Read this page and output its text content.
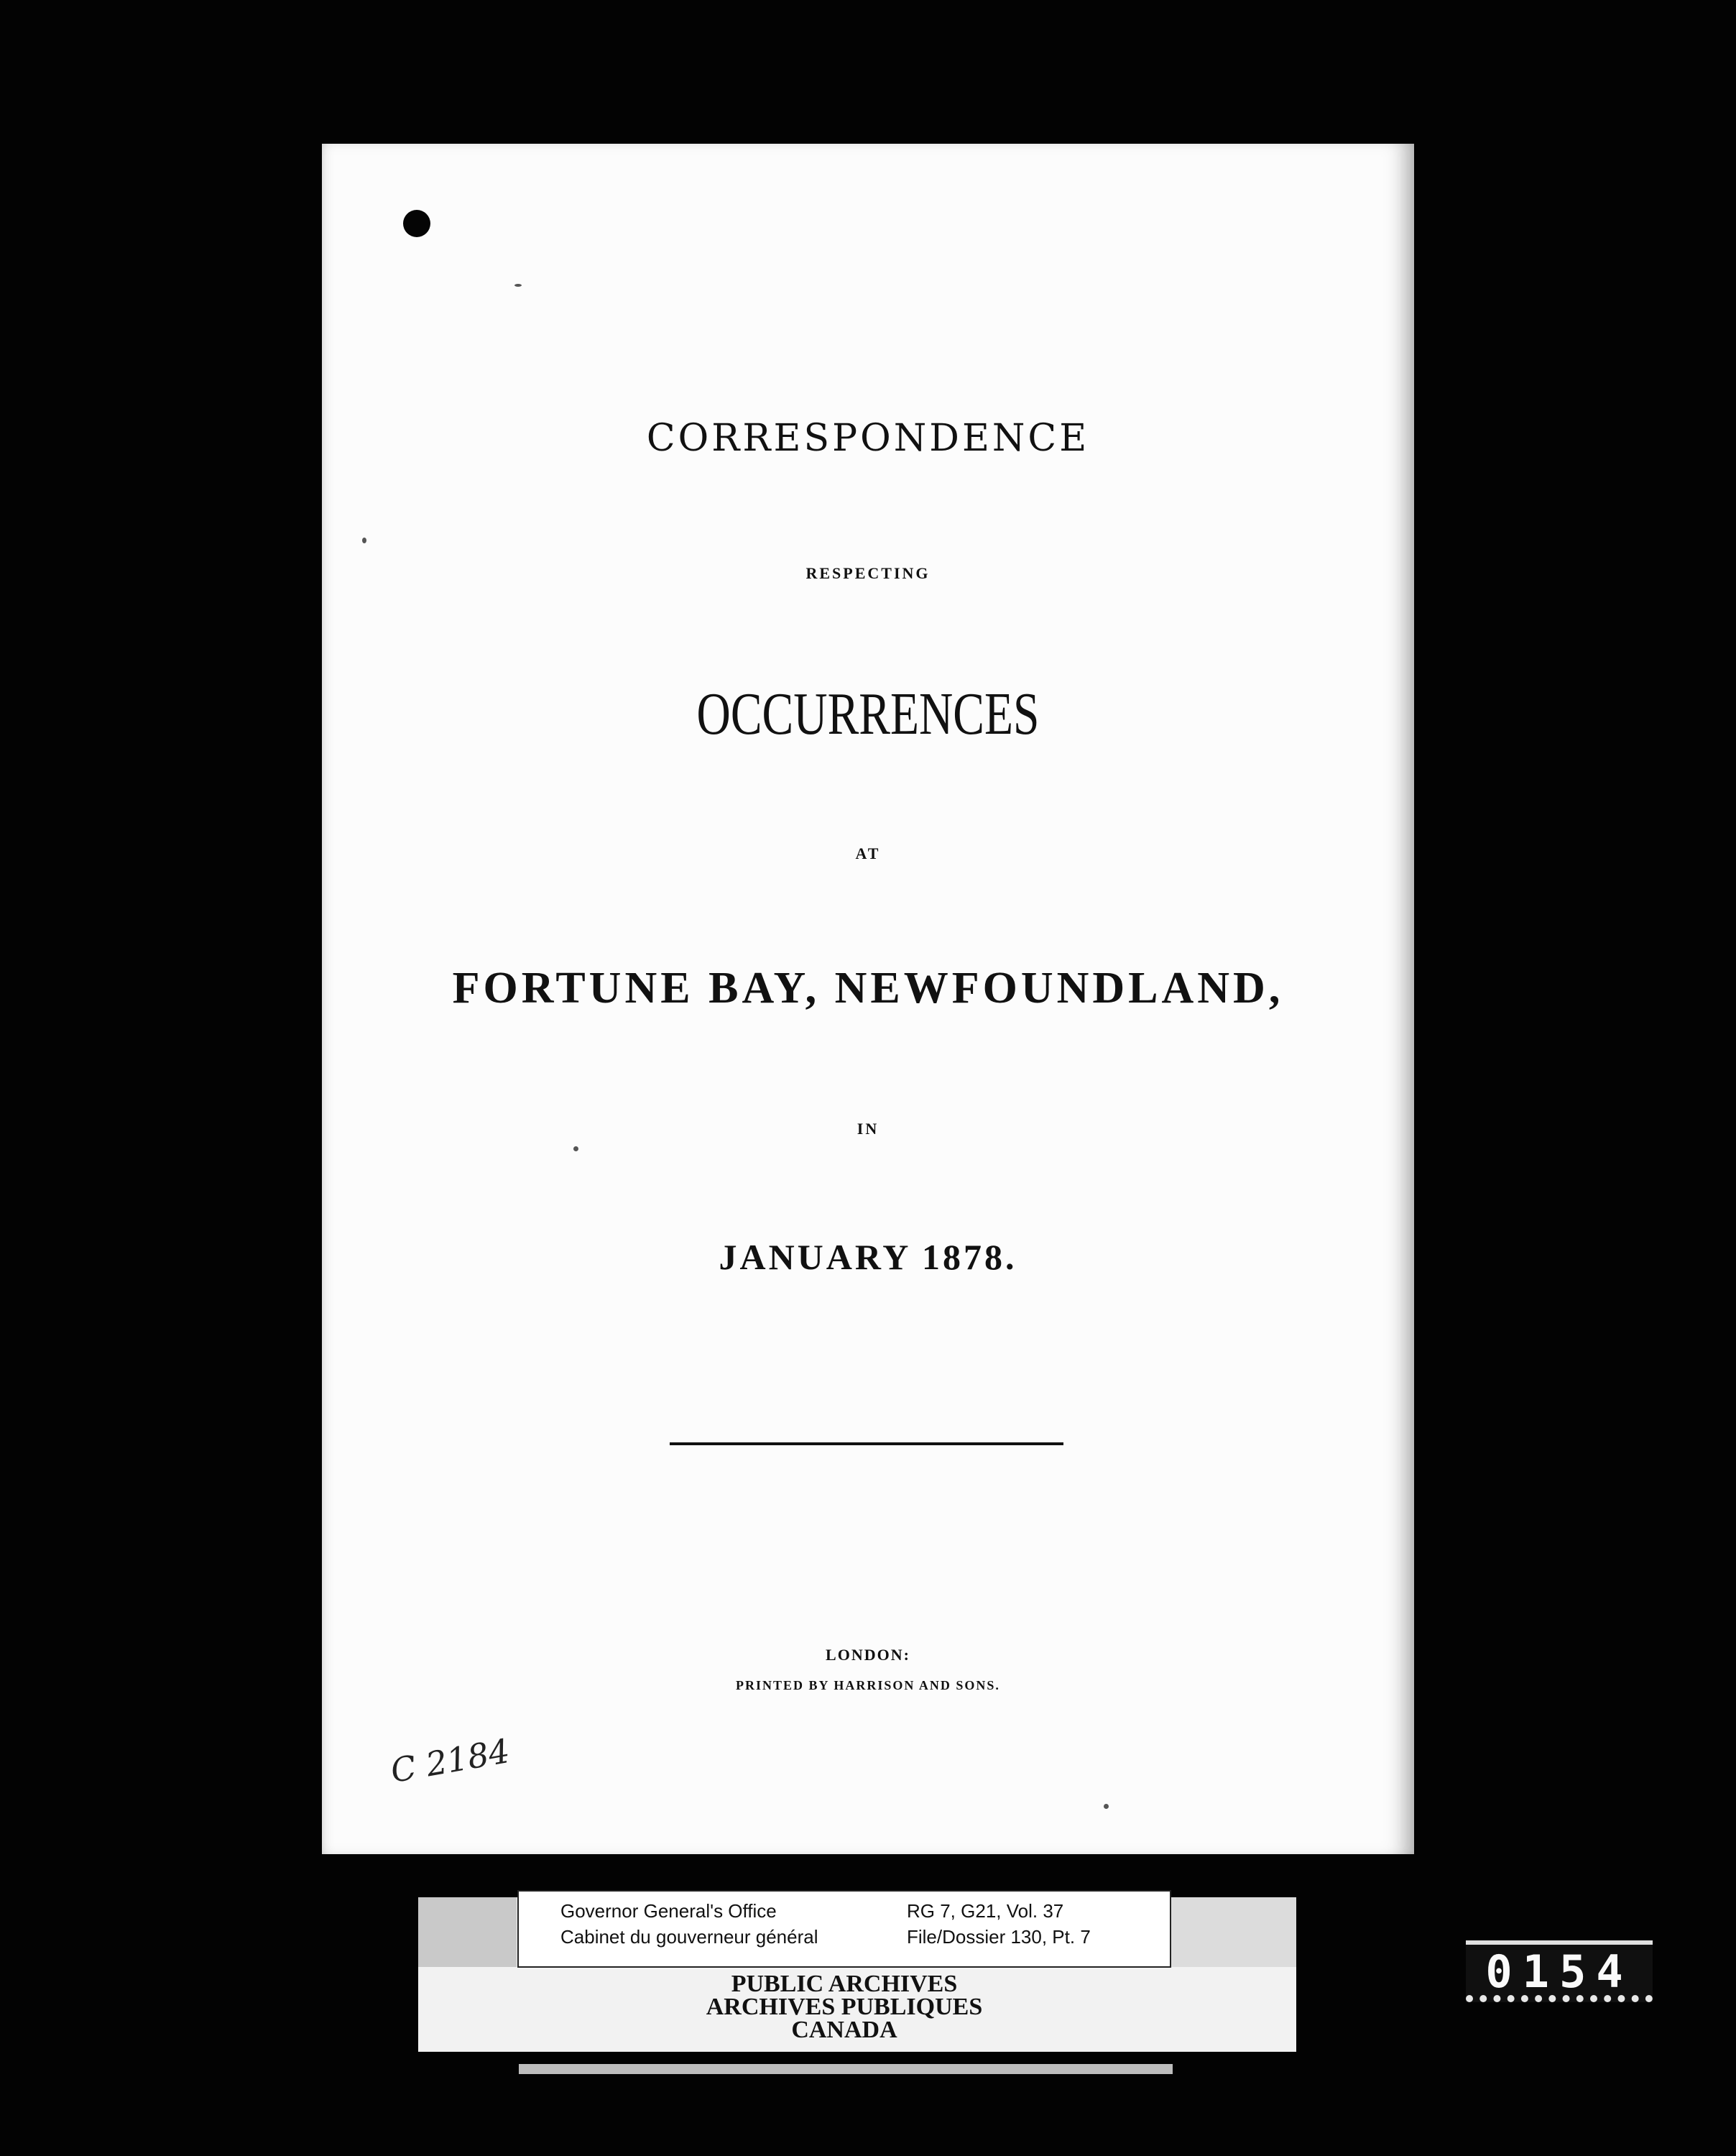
CORRESPONDENCE
RESPECTING
OCCURRENCES
AT
FORTUNE BAY, NEWFOUNDLAND,
IN
JANUARY 1878.
LONDON:
PRINTED BY HARRISON AND SONS.
C 2184
Governor General's Office
Cabinet du gouverneur général
RG 7, G21, Vol. 37
File/Dossier 130, Pt. 7
PUBLIC ARCHIVES
ARCHIVES PUBLIQUES
CANADA
0154
